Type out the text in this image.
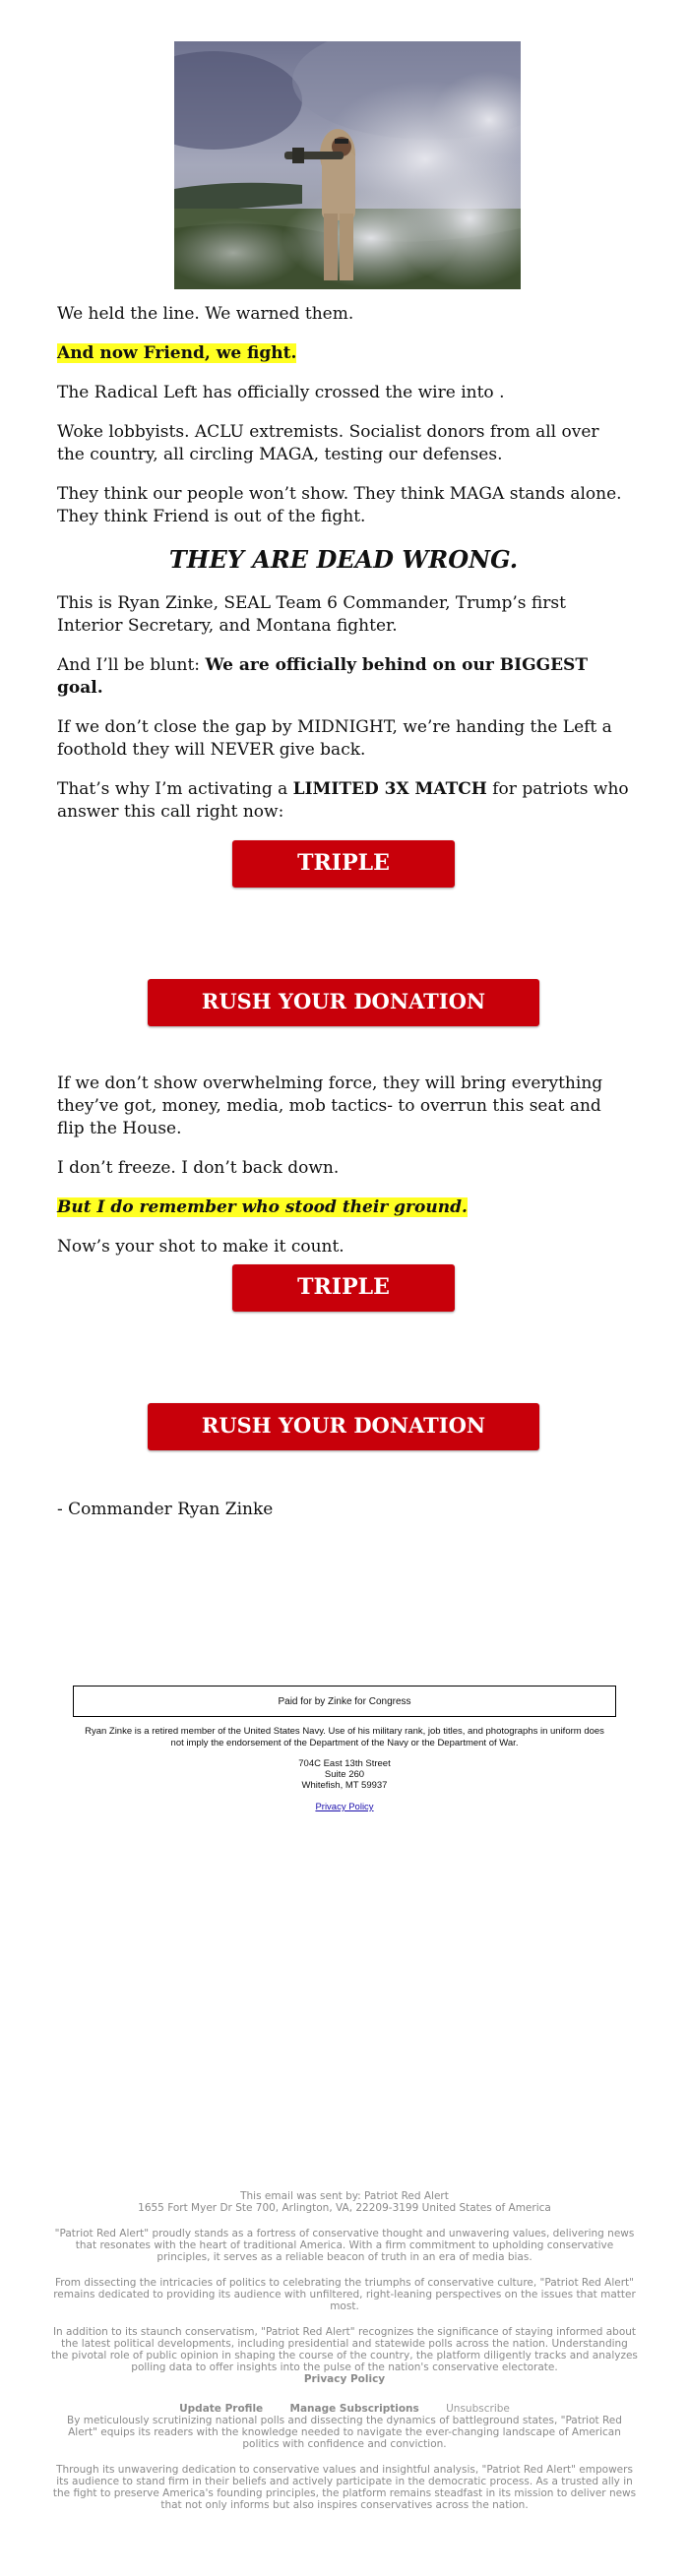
We held the line. We warned them.

And now Friend, we fight.

The Radical Left has officially crossed the wire into .

Woke lobbyists. ACLU extremists. Socialist donors from all over the country, all circling MAGA, testing our defenses.

They think our people won’t show. They think MAGA stands alone. They think Friend is out of the fight.

THEY ARE DEAD WRONG.

This is Ryan Zinke, SEAL Team 6 Commander, Trump’s first Interior Secretary, and Montana fighter.

And I’ll be blunt: We are officially behind on our BIGGEST goal.

If we don’t close the gap by MIDNIGHT, we’re handing the Left a foothold they will NEVER give back.

That’s why I’m activating a LIMITED 3X MATCH for patriots who answer this call right now:

TRIPLE MATCH ACTIVE
RUSH YOUR DONATION HERE

If we don’t show overwhelming force, they will bring everything they’ve got, money, media, mob tactics- to overrun this seat and flip the House.

I don’t freeze. I don’t back down.

But I do remember who stood their ground.

Now’s your shot to make it count.

TRIPLE MATCH ACTIVE
RUSH YOUR DONATION HERE

- Commander Ryan Zinke

Paid for by Zinke for Congress
Ryan Zinke is a retired member of the United States Navy. Use of his military rank, job titles, and photographs in uniform does not imply the endorsement of the Department of the Navy or the Department of War.
704C East 13th Street
Suite 260
Whitefish, MT 59937
Privacy Policy

This email was sent by: Patriot Red Alert

1655 Fort Myer Dr Ste 700, Arlington, VA, 22209-3199 United States of America

"Patriot Red Alert" proudly stands as a fortress of conservative thought and unwavering values, delivering news that resonates with the heart of traditional America. With a firm commitment to upholding conservative principles, it serves as a reliable beacon of truth in an era of media bias.

From dissecting the intricacies of politics to celebrating the triumphs of conservative culture, "Patriot Red Alert" remains dedicated to providing its audience with unfiltered, right-leaning perspectives on the issues that matter most.

In addition to its staunch conservatism, "Patriot Red Alert" recognizes the significance of staying informed about the latest political developments, including presidential and statewide polls across the nation. Understanding the pivotal role of public opinion in shaping the course of the country, the platform diligently tracks and analyzes polling data to offer insights into the pulse of the nation's conservative electorate.

Privacy Policy

Update Profile	Manage Subscriptions	Unsubscribe

By meticulously scrutinizing national polls and dissecting the dynamics of battleground states, "Patriot Red Alert" equips its readers with the knowledge needed to navigate the ever-changing landscape of American politics with confidence and conviction.

Through its unwavering dedication to conservative values and insightful analysis, "Patriot Red Alert" empowers its audience to stand firm in their beliefs and actively participate in the democratic process. As a trusted ally in the fight to preserve America's founding principles, the platform remains steadfast in its mission to deliver news that not only informs but also inspires conservatives across the nation.
